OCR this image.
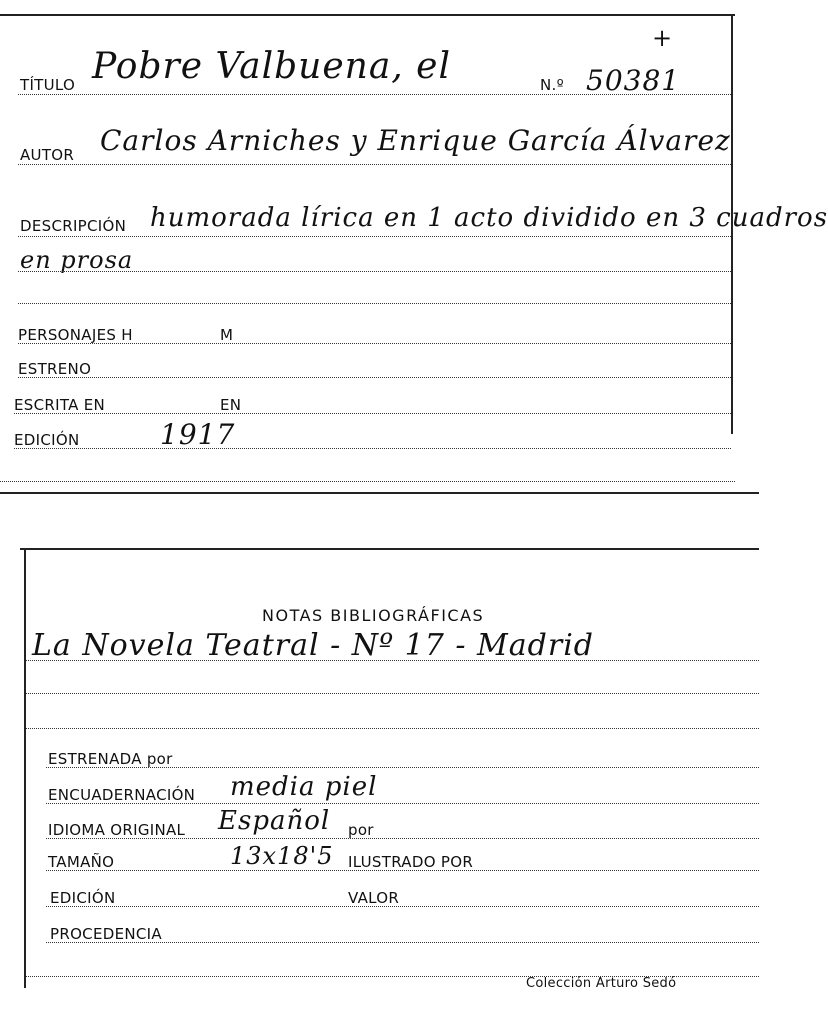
TÍTULO Pobre Valbuena, el	N.º 50381
+
AUTOR Carlos Arniches y Enrique García Álvarez
DESCRIPCIÓN humorada lírica en 1 acto dividido en 3 cuadros
en prosa
PERSONAJES H	M
ESTRENO
ESCRITA EN	EN
EDICIÓN	1917
NOTAS BIBLIOGRÁFICAS
La Novela Teatral - Nº 17 - Madrid
ESTRENADA por
ENCUADERNACIÓN media piel
IDIOMA ORIGINAL Español por
TAMAÑO	13x18'5 ILUSTRADO POR
EDICIÓN	VALOR
PROCEDENCIA
Colección Arturo Sedó
